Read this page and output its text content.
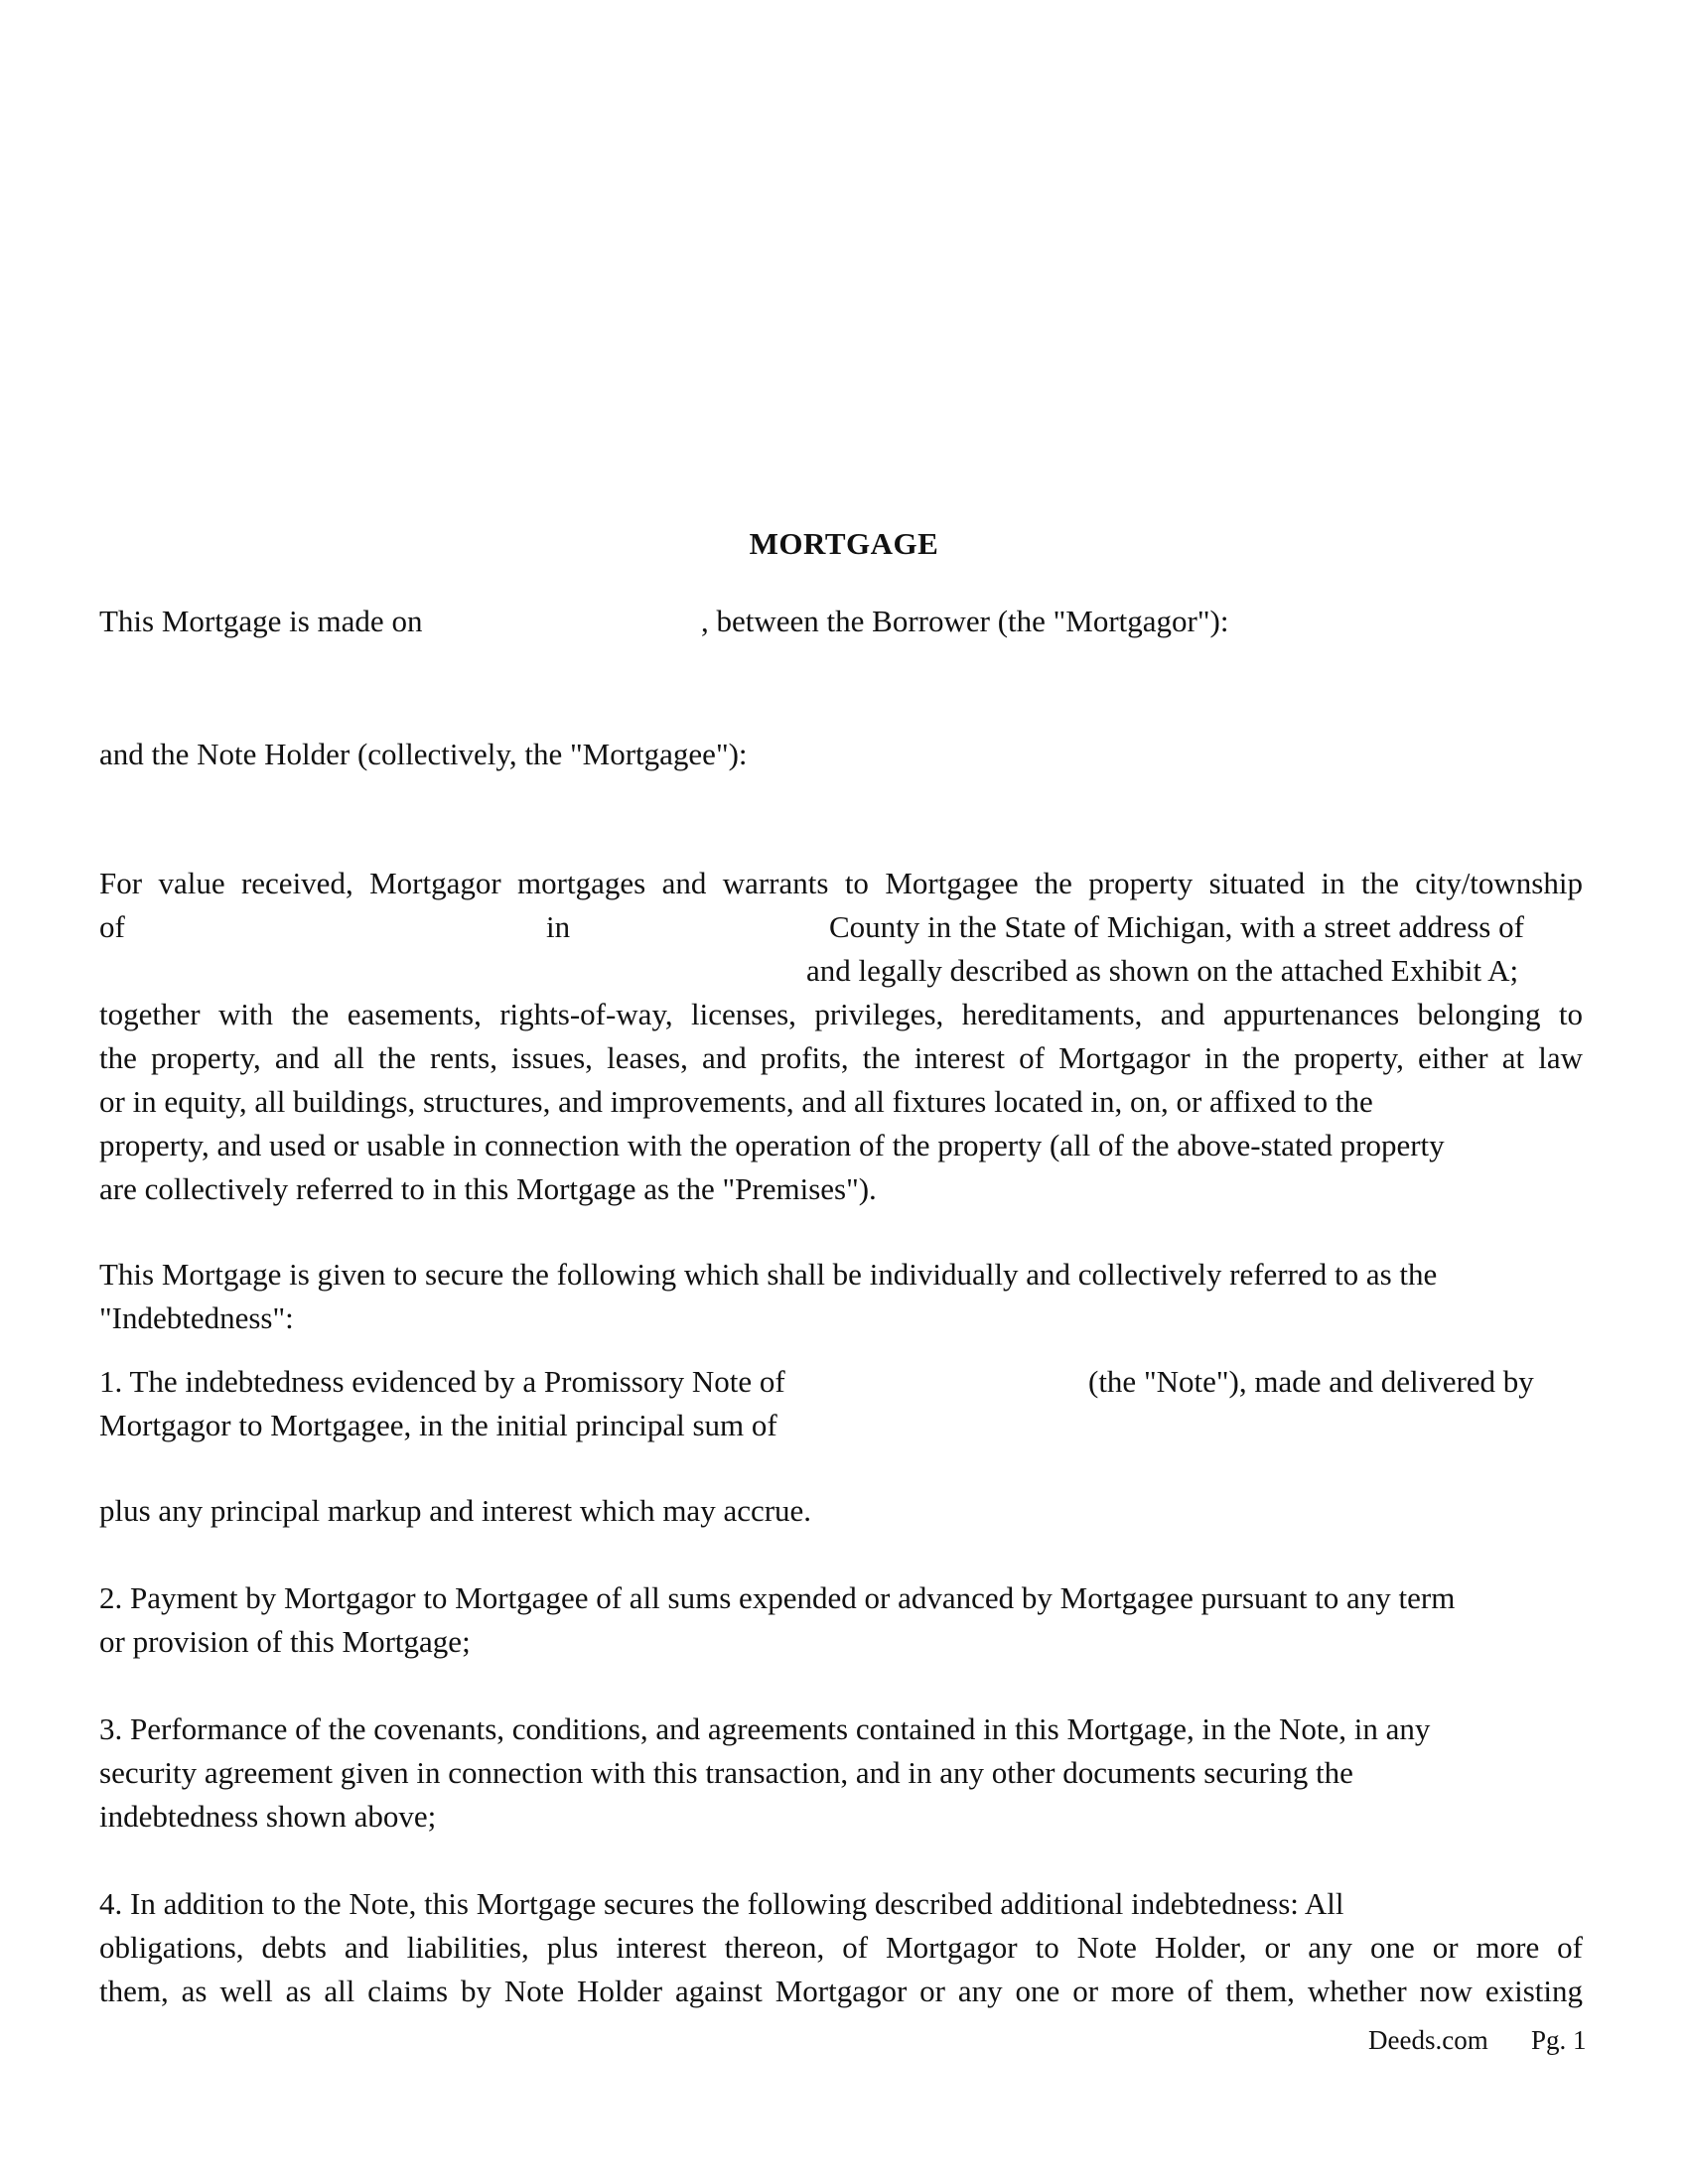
MORTGAGE
This Mortgage is made on	, between the Borrower (the "Mortgagor"):
and the Note Holder (collectively, the "Mortgagee"):
For value received, Mortgagor mortgages and warrants to Mortgagee the property situated in the city/township
of	in	County in the State of Michigan, with a street address of
and legally described as shown on the attached Exhibit A;
together with the easements, rights-of-way, licenses, privileges, hereditaments, and appurtenances belonging to
the property, and all the rents, issues, leases, and profits, the interest of Mortgagor in the property, either at law
or in equity, all buildings, structures, and improvements, and all fixtures located in, on, or affixed to the
property, and used or usable in connection with the operation of the property (all of the above-stated property
are collectively referred to in this Mortgage as the "Premises").
This Mortgage is given to secure the following which shall be individually and collectively referred to as the
"Indebtedness":
1. The indebtedness evidenced by a Promissory Note of	(the "Note"), made and delivered by
Mortgagor to Mortgagee, in the initial principal sum of
plus any principal markup and interest which may accrue.
2. Payment by Mortgagor to Mortgagee of all sums expended or advanced by Mortgagee pursuant to any term
or provision of this Mortgage;
3. Performance of the covenants, conditions, and agreements contained in this Mortgage, in the Note, in any
security agreement given in connection with this transaction, and in any other documents securing the
indebtedness shown above;
4. In addition to the Note, this Mortgage secures the following described additional indebtedness: All
obligations, debts and liabilities, plus interest thereon, of Mortgagor to Note Holder, or any one or more of
them, as well as all claims by Note Holder against Mortgagor or any one or more of them, whether now existing
Deeds.com Pg. 1
